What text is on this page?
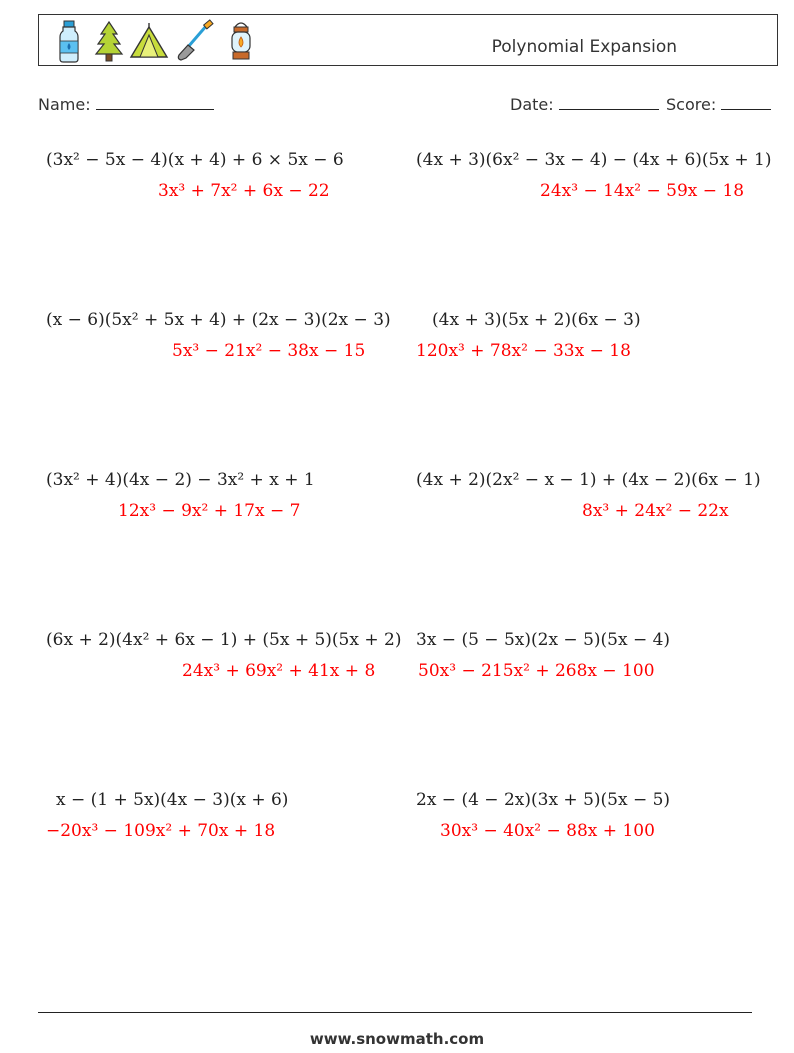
Polynomial Expansion
Name:	Date:	Score:
(3x² − 5x − 4)(x + 4) + 6 × 5x − 6
3x³ + 7x² + 6x − 22
(x − 6)(5x² + 5x + 4) + (2x − 3)(2x − 3)
5x³ − 21x² − 38x − 15
(3x² + 4)(4x − 2) − 3x² + x + 1
12x³ − 9x² + 17x − 7
(6x + 2)(4x² + 6x − 1) + (5x + 5)(5x + 2)
24x³ + 69x² + 41x + 8
x − (1 + 5x)(4x − 3)(x + 6)
−20x³ − 109x² + 70x + 18
(4x + 3)(6x² − 3x − 4) − (4x + 6)(5x + 1)
24x³ − 14x² − 59x − 18
(4x + 3)(5x + 2)(6x − 3)
120x³ + 78x² − 33x − 18
(4x + 2)(2x² − x − 1) + (4x − 2)(6x − 1)
8x³ + 24x² − 22x
3x − (5 − 5x)(2x − 5)(5x − 4)
50x³ − 215x² + 268x − 100
2x − (4 − 2x)(3x + 5)(5x − 5)
30x³ − 40x² − 88x + 100
www.snowmath.com
